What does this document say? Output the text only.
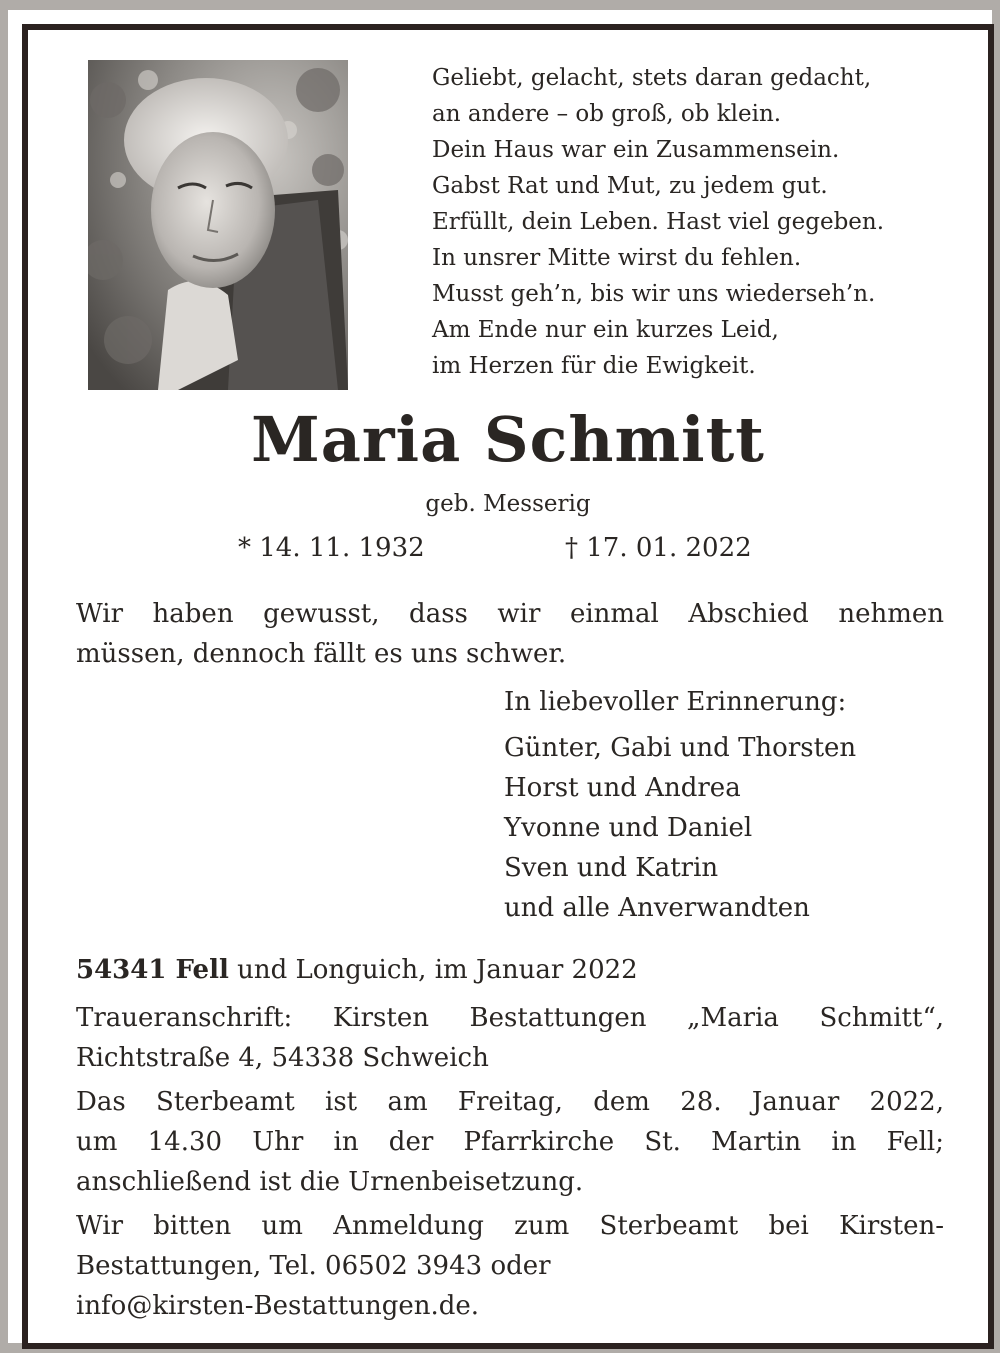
Geliebt, gelacht, stets daran gedacht,
an andere – ob groß, ob klein.
Dein Haus war ein Zusammensein.
Gabst Rat und Mut, zu jedem gut.
Erfüllt, dein Leben. Hast viel gegeben.
In unsrer Mitte wirst du fehlen.
Musst geh’n, bis wir uns wiederseh’n.
Am Ende nur ein kurzes Leid,
im Herzen für die Ewigkeit.
Maria Schmitt
geb. Messerig
* 14. 11. 1932	† 17. 01. 2022
Wir haben gewusst, dass wir einmal Abschied nehmen
müssen, dennoch fällt es uns schwer.
In liebevoller Erinnerung:
Günter, Gabi und Thorsten
Horst und Andrea
Yvonne und Daniel
Sven und Katrin
und alle Anverwandten
54341 Fell und Longuich, im Januar 2022
Traueranschrift: Kirsten Bestattungen „Maria Schmitt“,
Richtstraße 4, 54338 Schweich
Das Sterbeamt ist am Freitag, dem 28. Januar 2022,
um 14.30 Uhr in der Pfarrkirche St. Martin in Fell;
anschließend ist die Urnenbeisetzung.
Wir bitten um Anmeldung zum Sterbeamt bei Kirsten-
Bestattungen, Tel. 06502 3943 oder
info@kirsten-Bestattungen.de.
